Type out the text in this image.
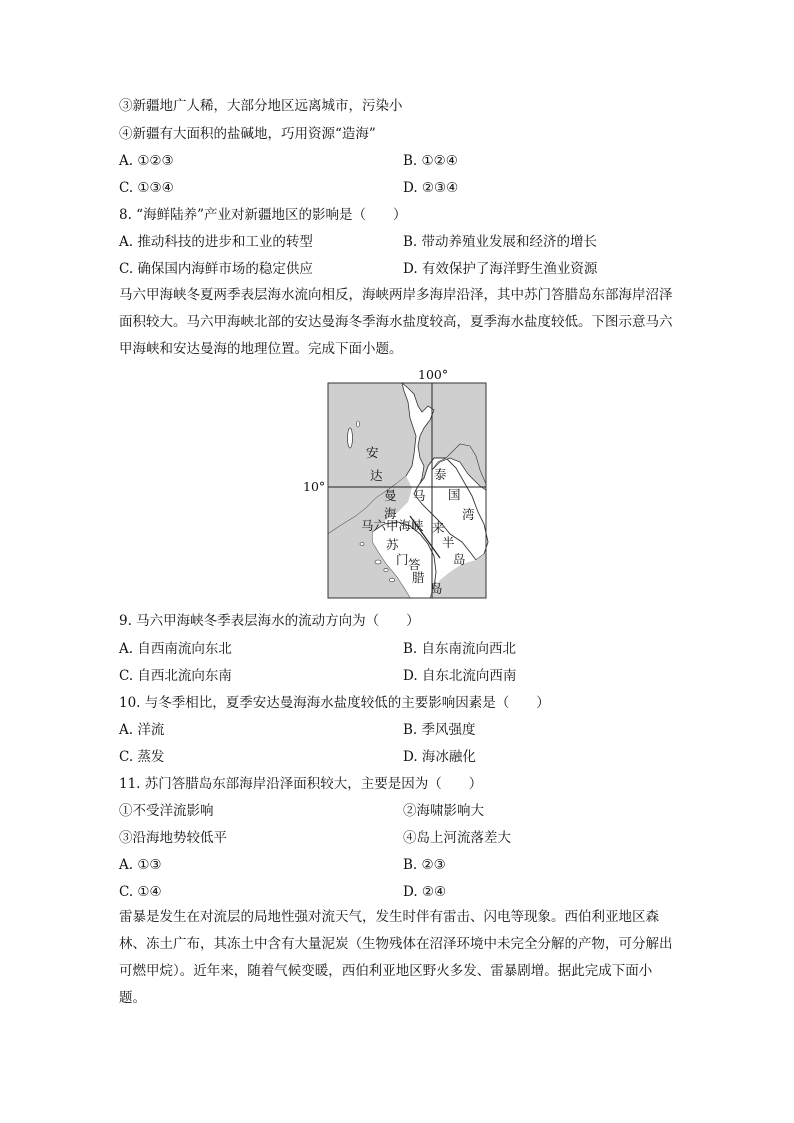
③新疆地广人稀，大部分地区远离城市，污染小
④新疆有大面积的盐碱地，巧用资源“造海”
A. ①②③	B. ①②④
C. ①③④	D. ②③④
8. “海鲜陆养”产业对新疆地区的影响是（　　）
A. 推动科技的进步和工业的转型	B. 带动养殖业发展和经济的增长
C. 确保国内海鲜市场的稳定供应	D. 有效保护了海洋野生渔业资源
马六甲海峡冬夏两季表层海水流向相反，海峡两岸多海岸沿泽，其中苏门答腊岛东部海岸沼泽面积较大。马六甲海峡北部的安达曼海冬季海水盐度较高，夏季海水盐度较低。下图示意马六甲海峡和安达曼海的地理位置。完成下面小题。
100°
10°
安
达
曼
海
泰
国
湾
马
来
半
岛
马六甲海峡
苏
门 答
腊
岛
9. 马六甲海峡冬季表层海水的流动方向为（　　）
A. 自西南流向东北	B. 自东南流向西北
C. 自西北流向东南	D. 自东北流向西南
10. 与冬季相比，夏季安达曼海海水盐度较低的主要影响因素是（　　）
A. 洋流	B. 季风强度
C. 蒸发	D. 海冰融化
11. 苏门答腊岛东部海岸沿泽面积较大，主要是因为（　　）
①不受洋流影响	②海啸影响大
③沿海地势较低平	④岛上河流落差大
A. ①③	B. ②③
C. ①④	D. ②④
雷暴是发生在对流层的局地性强对流天气，发生时伴有雷击、闪电等现象。西伯利亚地区森林、冻土广布，其冻土中含有大量泥炭（生物残体在沼泽环境中未完全分解的产物，可分解出可燃甲烷）。近年来，随着气候变暖，西伯利亚地区野火多发、雷暴剧增。据此完成下面小题。
